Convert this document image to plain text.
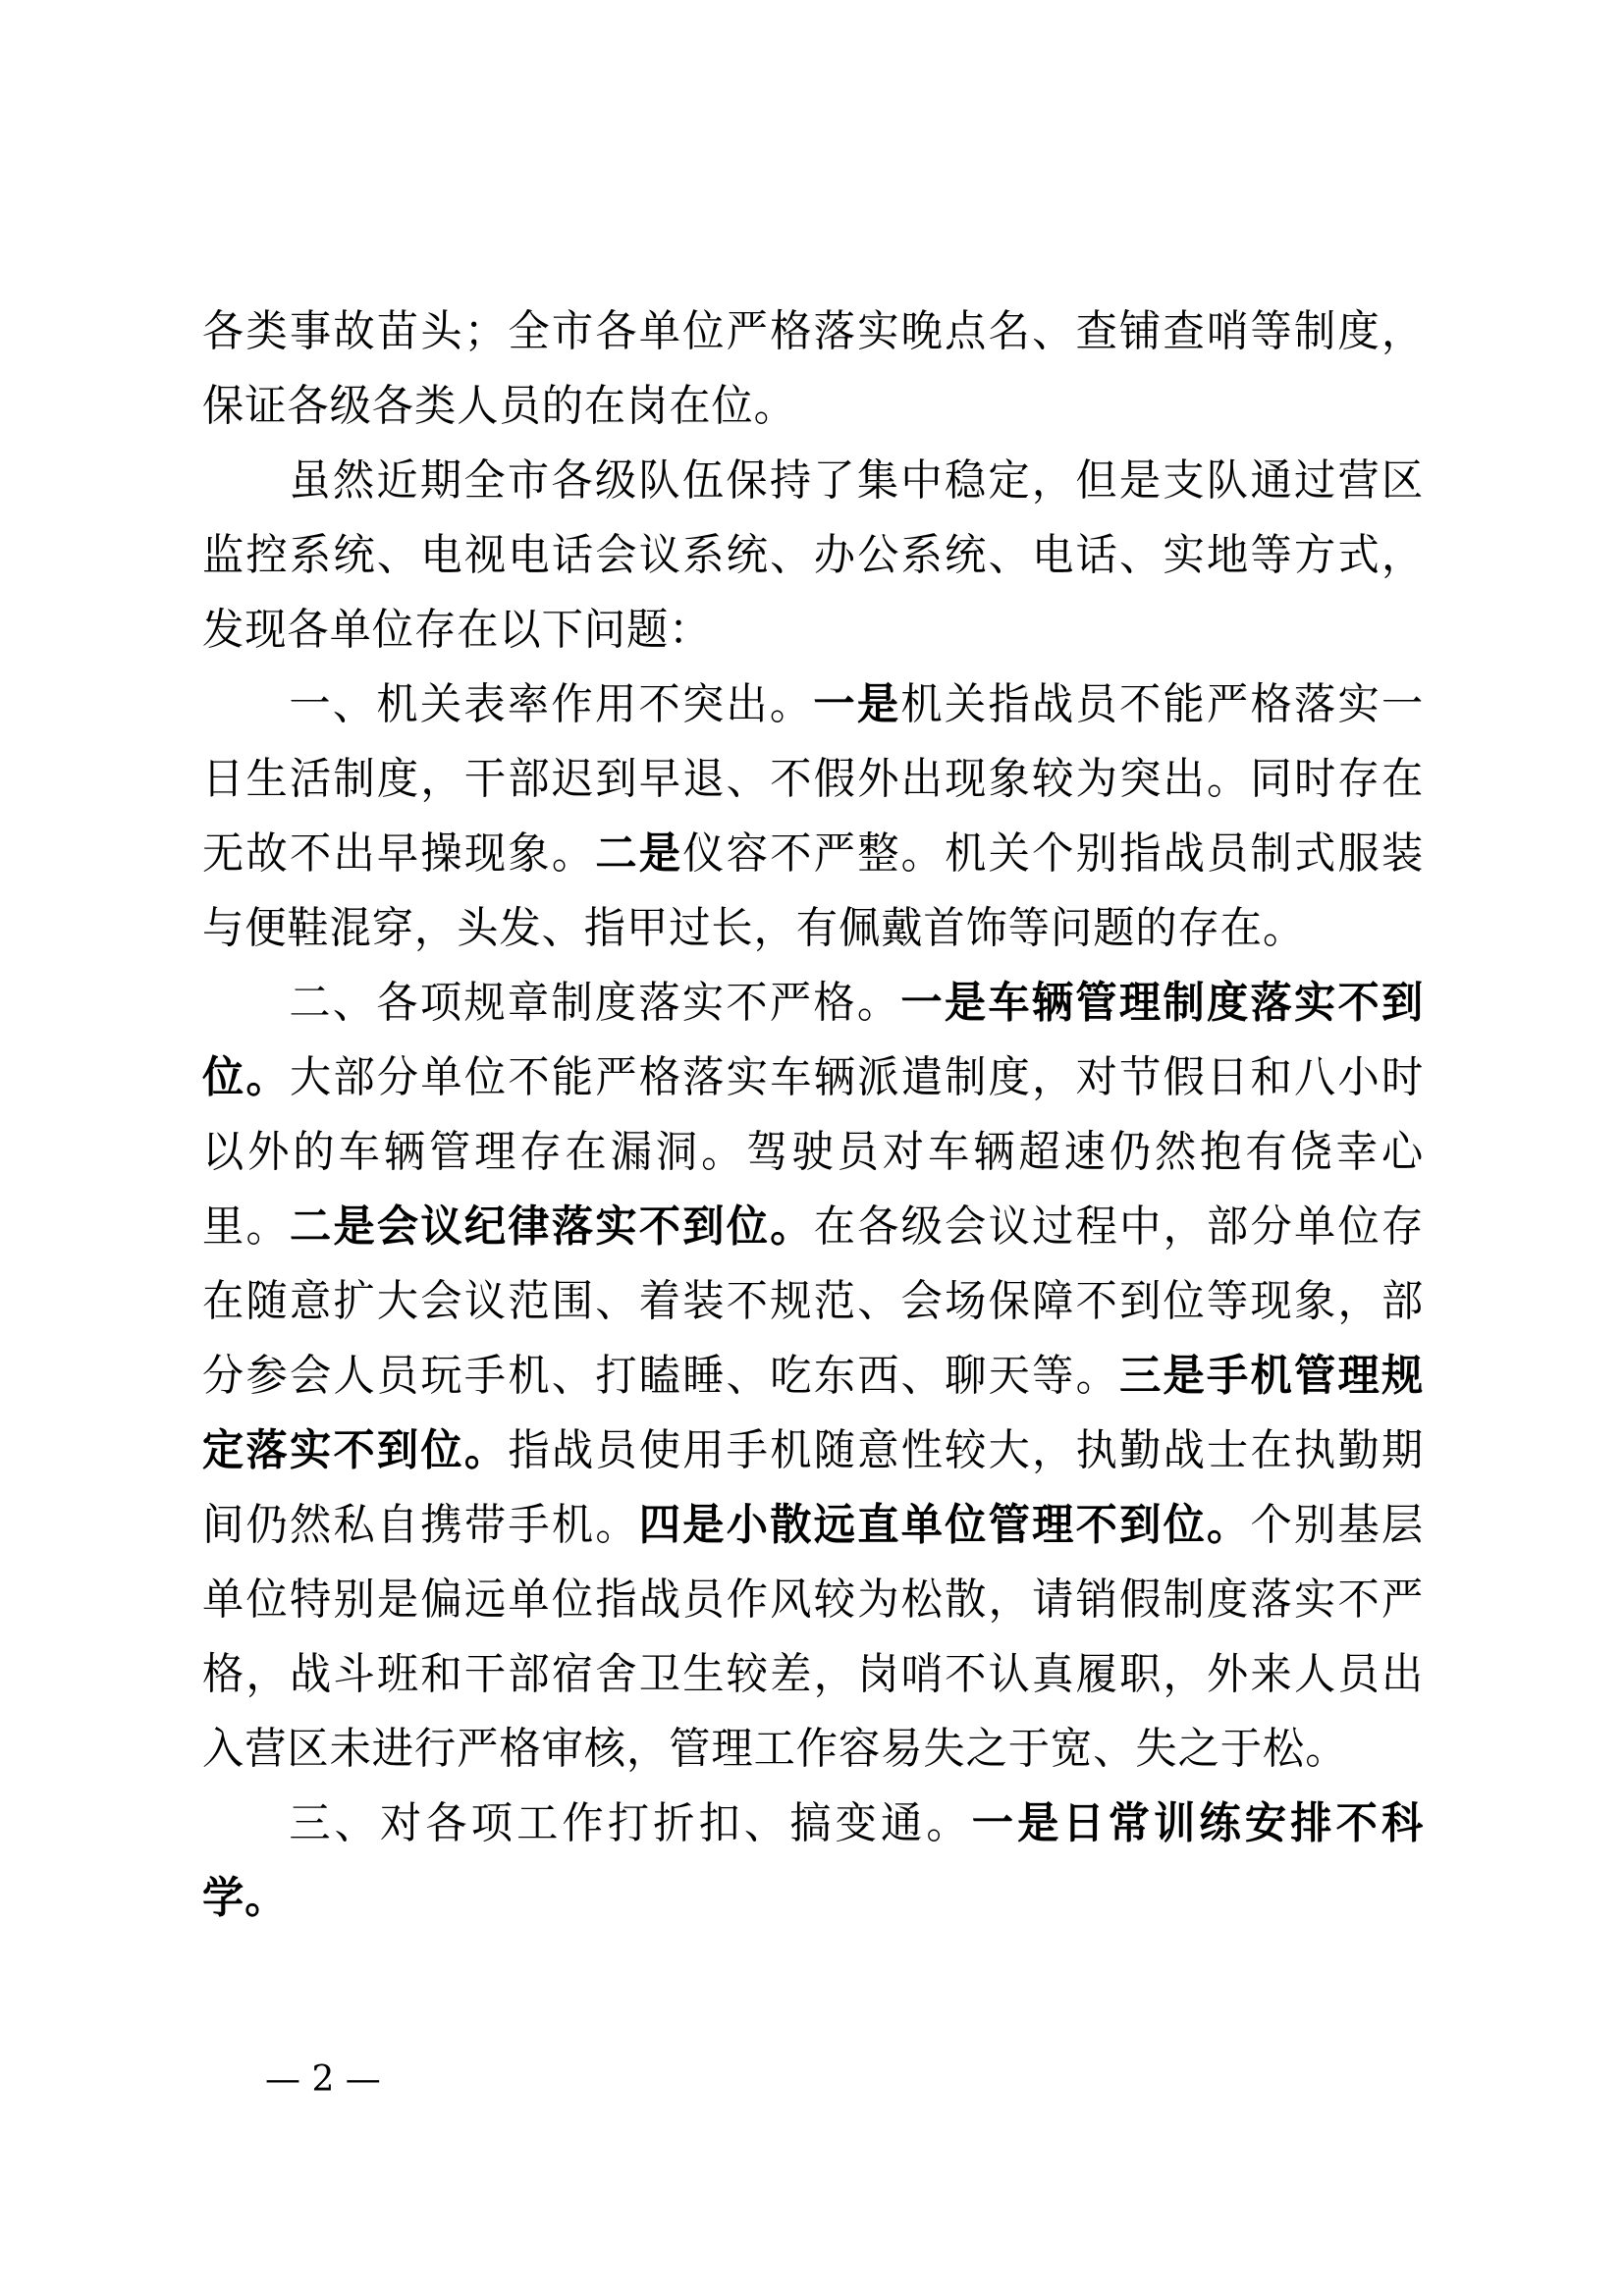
各类事故苗头；全市各单位严格落实晚点名、查铺查哨等制度，保证各级各类人员的在岗在位。

虽然近期全市各级队伍保持了集中稳定，但是支队通过营区监控系统、电视电话会议系统、办公系统、电话、实地等方式，发现各单位存在以下问题：

一、机关表率作用不突出。一是机关指战员不能严格落实一日生活制度，干部迟到早退、不假外出现象较为突出。同时存在无故不出早操现象。二是仪容不严整。机关个别指战员制式服装与便鞋混穿，头发、指甲过长，有佩戴首饰等问题的存在。

二、各项规章制度落实不严格。一是车辆管理制度落实不到位。大部分单位不能严格落实车辆派遣制度，对节假日和八小时以外的车辆管理存在漏洞。驾驶员对车辆超速仍然抱有侥幸心里。二是会议纪律落实不到位。在各级会议过程中，部分单位存在随意扩大会议范围、着装不规范、会场保障不到位等现象，部分参会人员玩手机、打瞌睡、吃东西、聊天等。三是手机管理规定落实不到位。指战员使用手机随意性较大，执勤战士在执勤期间仍然私自携带手机。四是小散远直单位管理不到位。个别基层单位特别是偏远单位指战员作风较为松散，请销假制度落实不严格，战斗班和干部宿舍卫生较差，岗哨不认真履职，外来人员出入营区未进行严格审核，管理工作容易失之于宽、失之于松。

三、对各项工作打折扣、搞变通。一是日常训练安排不科学。

— 2 —
